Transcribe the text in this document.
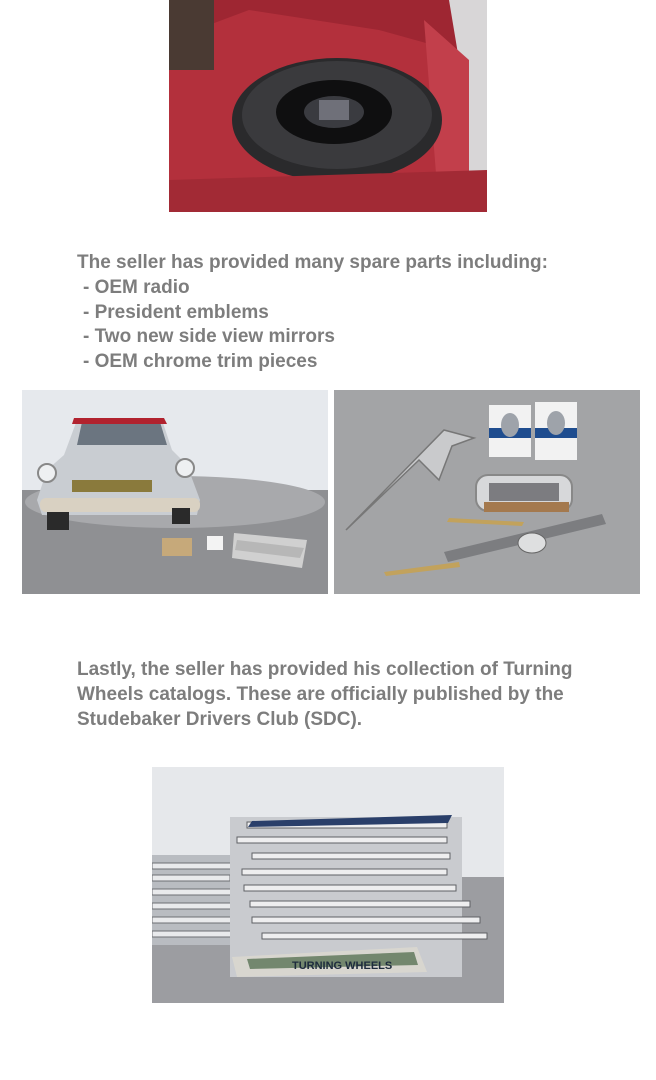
The seller has provided many spare parts including:
- OEM radio
- President emblems
- Two new side view mirrors
- OEM chrome trim pieces
Lastly, the seller has provided his collection of Turning
Wheels catalogs. These are officially published by the
Studebaker Drivers Club (SDC).
TURNING WHEELS
